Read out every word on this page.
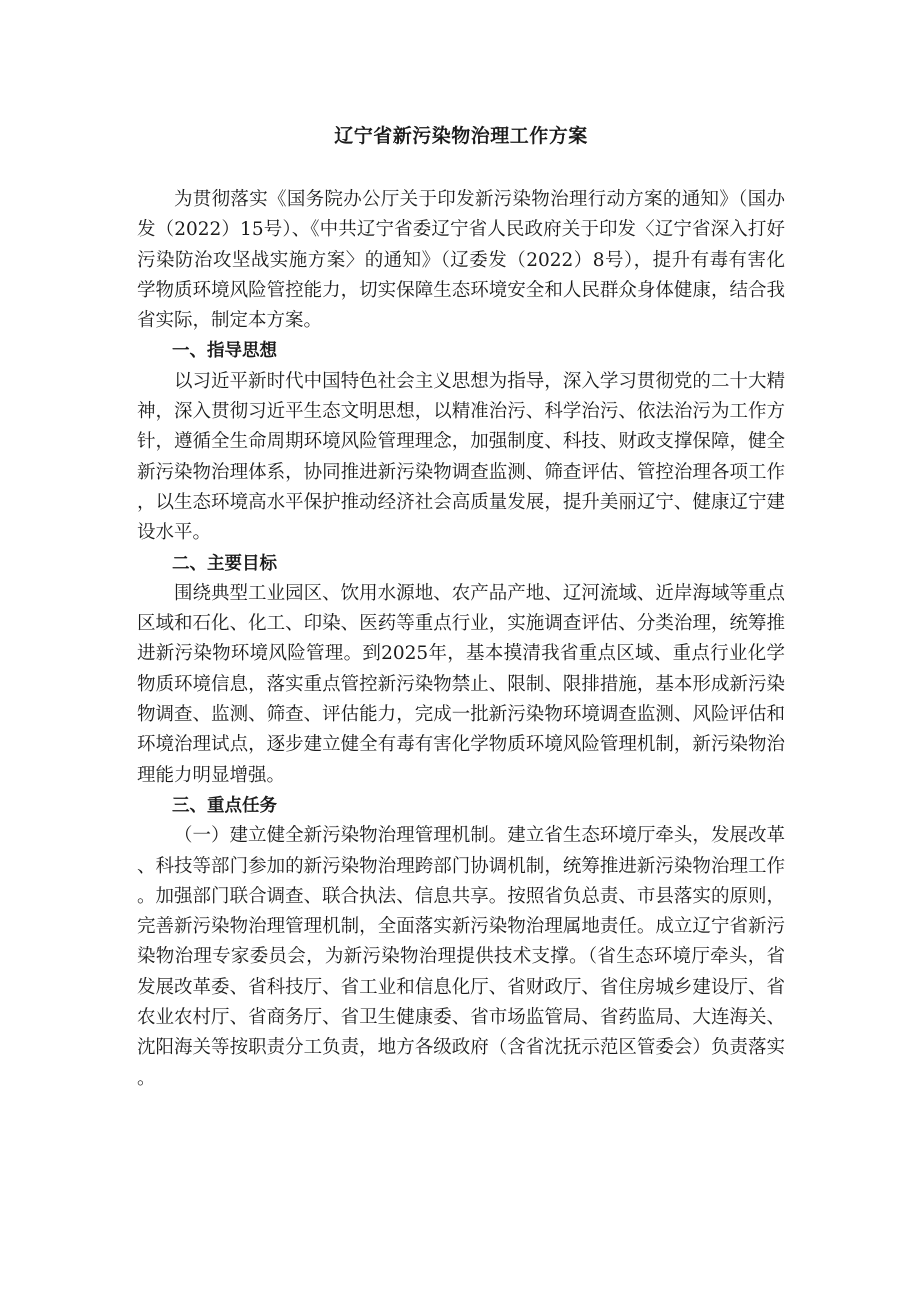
辽宁省新污染物治理工作方案

为贯彻落实《国务院办公厅关于印发新污染物治理行动方案的通知》（国办发（2022）15号）、《中共辽宁省委辽宁省人民政府关于印发〈辽宁省深入打好污染防治攻坚战实施方案〉的通知》（辽委发（2022）8号），提升有毒有害化学物质环境风险管控能力，切实保障生态环境安全和人民群众身体健康，结合我省实际，制定本方案。

一、指导思想

以习近平新时代中国特色社会主义思想为指导，深入学习贯彻党的二十大精神，深入贯彻习近平生态文明思想，以精准治污、科学治污、依法治污为工作方针，遵循全生命周期环境风险管理理念，加强制度、科技、财政支撑保障，健全新污染物治理体系，协同推进新污染物调查监测、筛查评估、管控治理各项工作，以生态环境高水平保护推动经济社会高质量发展，提升美丽辽宁、健康辽宁建设水平。

二、主要目标

围绕典型工业园区、饮用水源地、农产品产地、辽河流域、近岸海域等重点区域和石化、化工、印染、医药等重点行业，实施调查评估、分类治理，统筹推进新污染物环境风险管理。到2025年，基本摸清我省重点区域、重点行业化学物质环境信息，落实重点管控新污染物禁止、限制、限排措施，基本形成新污染物调查、监测、筛查、评估能力，完成一批新污染物环境调查监测、风险评估和环境治理试点，逐步建立健全有毒有害化学物质环境风险管理机制，新污染物治理能力明显增强。

三、重点任务

（一）建立健全新污染物治理管理机制。建立省生态环境厅牵头，发展改革、科技等部门参加的新污染物治理跨部门协调机制，统筹推进新污染物治理工作。加强部门联合调查、联合执法、信息共享。按照省负总责、市县落实的原则，完善新污染物治理管理机制，全面落实新污染物治理属地责任。成立辽宁省新污染物治理专家委员会，为新污染物治理提供技术支撑。（省生态环境厅牵头，省发展改革委、省科技厅、省工业和信息化厅、省财政厅、省住房城乡建设厅、省农业农村厅、省商务厅、省卫生健康委、省市场监管局、省药监局、大连海关、沈阳海关等按职责分工负责，地方各级政府（含省沈抚示范区管委会）负责落实。
